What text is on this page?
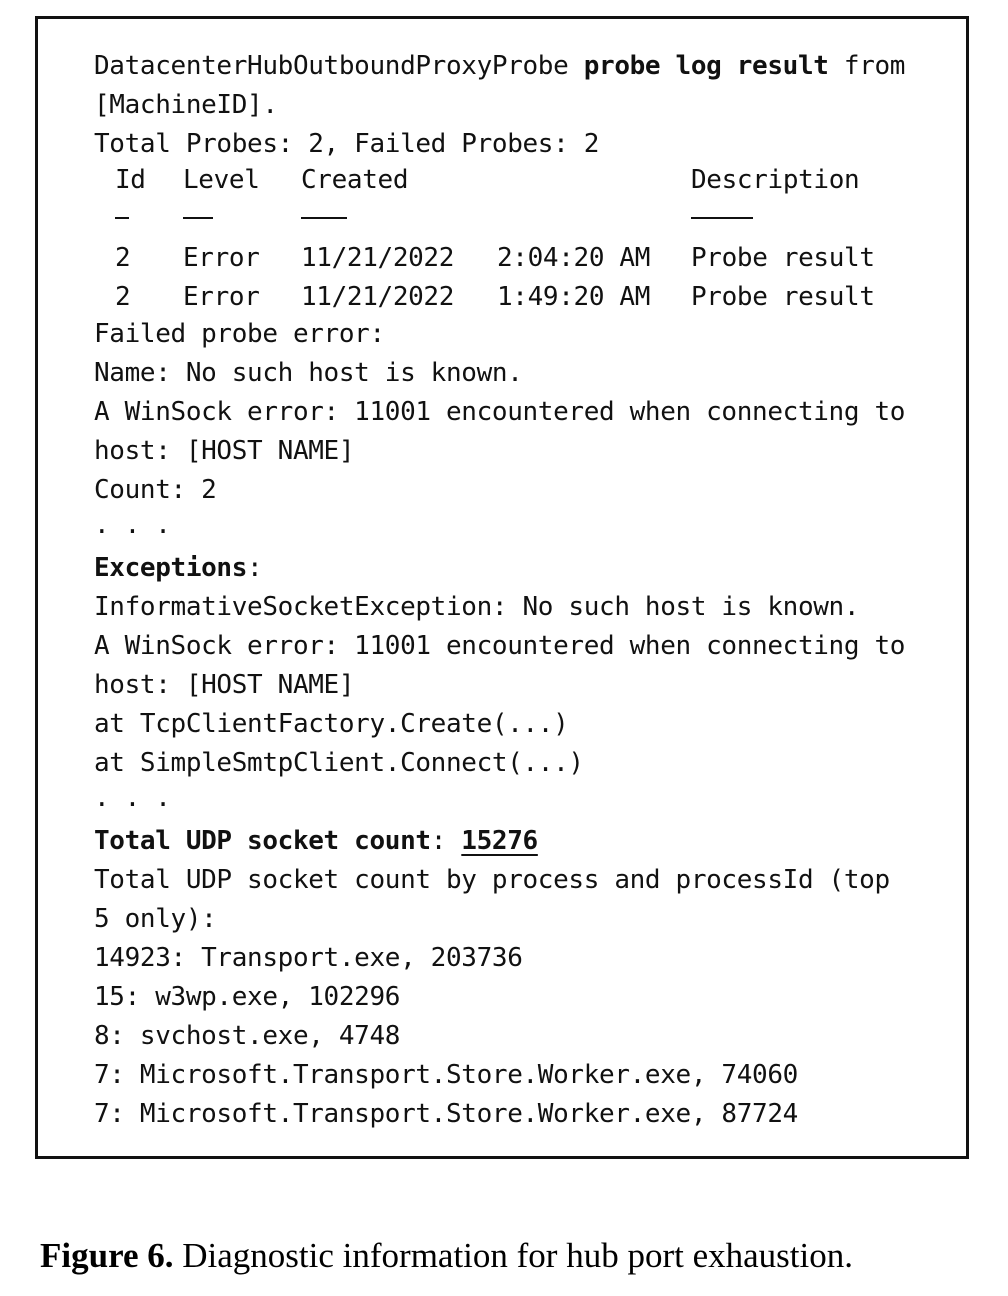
DatacenterHubOutboundProxyProbe probe log result from
[MachineID].
Total Probes: 2, Failed Probes: 2
Id Level Created	Description
2 Error 11/21/2022 2:04:20 AM Probe result
2 Error 11/21/2022 1:49:20 AM Probe result
Failed probe error:
Name: No such host is known.
A WinSock error: 11001 encountered when connecting to
host: [HOST NAME]
Count: 2
. . .
Exceptions:
InformativeSocketException: No such host is known.
A WinSock error: 11001 encountered when connecting to
host: [HOST NAME]
at TcpClientFactory.Create(...)
at SimpleSmtpClient.Connect(...)
. . .
Total UDP socket count: 15276
Total UDP socket count by process and processId (top
5 only):
14923: Transport.exe, 203736
15: w3wp.exe, 102296
8: svchost.exe, 4748
7: Microsoft.Transport.Store.Worker.exe, 74060
7: Microsoft.Transport.Store.Worker.exe, 87724
Figure 6. Diagnostic information for hub port exhaustion.
